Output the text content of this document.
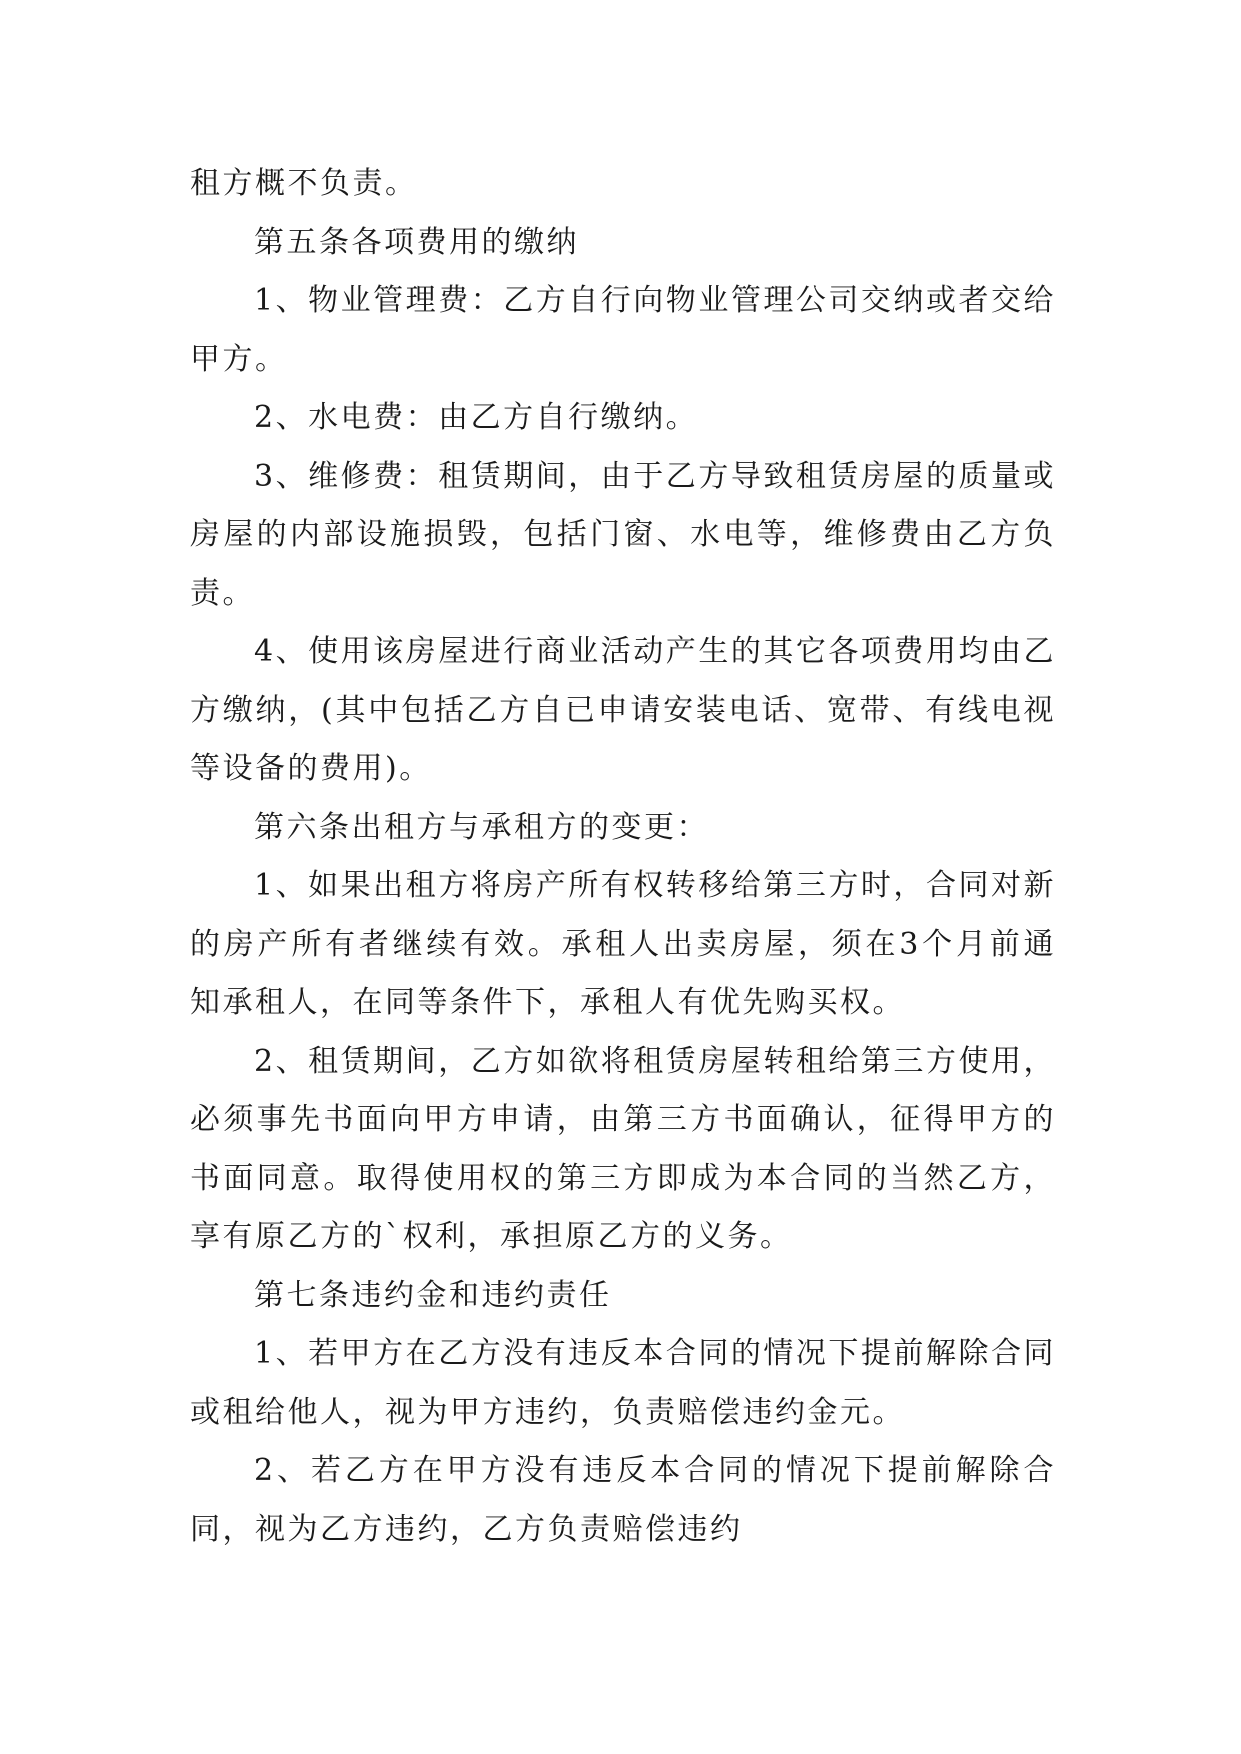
租方概不负责。

第五条各项费用的缴纳

1、物业管理费：乙方自行向物业管理公司交纳或者交给甲方。

2、水电费：由乙方自行缴纳。

3、维修费：租赁期间，由于乙方导致租赁房屋的质量或房屋的内部设施损毁，包括门窗、水电等，维修费由乙方负责。

4、使用该房屋进行商业活动产生的其它各项费用均由乙方缴纳，(其中包括乙方自已申请安装电话、宽带、有线电视等设备的费用)。

第六条出租方与承租方的变更：

1、如果出租方将房产所有权转移给第三方时，合同对新的房产所有者继续有效。承租人出卖房屋，须在3个月前通知承租人，在同等条件下，承租人有优先购买权。

2、租赁期间，乙方如欲将租赁房屋转租给第三方使用，必须事先书面向甲方申请，由第三方书面确认，征得甲方的书面同意。取得使用权的第三方即成为本合同的当然乙方，享有原乙方的`权利，承担原乙方的义务。

第七条违约金和违约责任

1、若甲方在乙方没有违反本合同的情况下提前解除合同或租给他人，视为甲方违约，负责赔偿违约金元。

2、若乙方在甲方没有违反本合同的情况下提前解除合同，视为乙方违约，乙方负责赔偿违约
